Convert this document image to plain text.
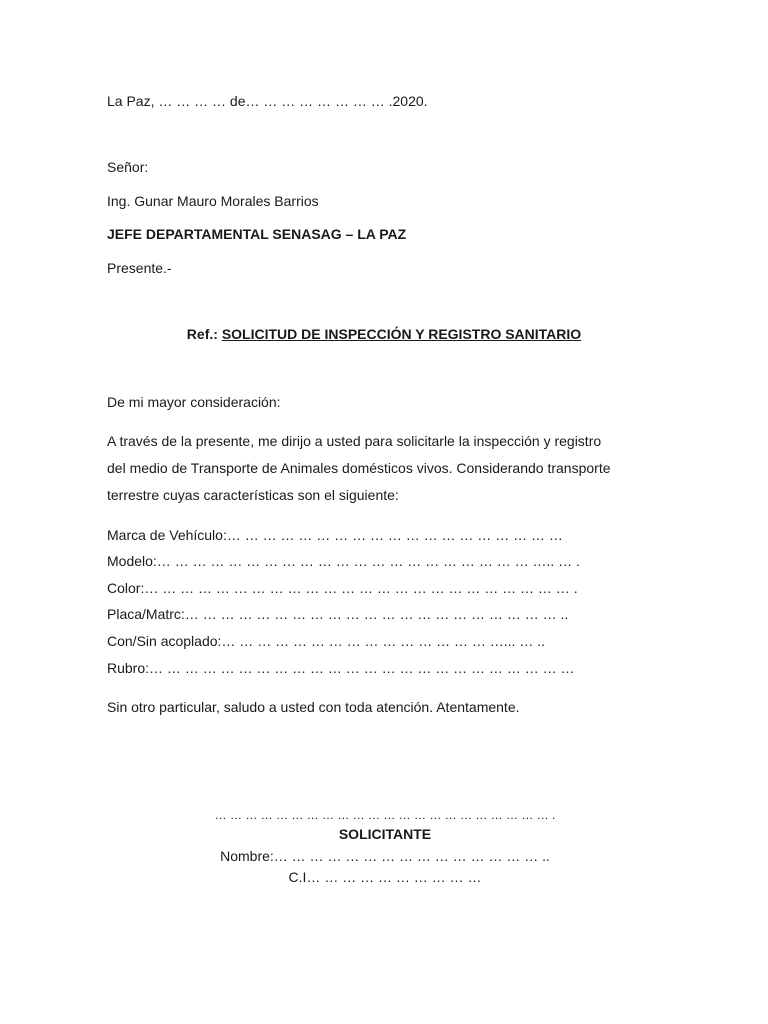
La Paz, … … … … de… … … … … … … … .2020.
Señor:
Ing. Gunar Mauro Morales Barrios
JEFE DEPARTAMENTAL SENASAG – LA PAZ
Presente.-
Ref.: SOLICITUD DE INSPECCIÓN Y REGISTRO SANITARIO
De mi mayor consideración:
A través de la presente, me dirijo a usted para solicitarle la inspección y registro
del medio de Transporte de Animales domésticos vivos. Considerando transporte
terrestre cuyas características son el siguiente:
Marca de Vehículo:… … … … … … … … … … … … … … … … … … …
Modelo:… … … … … … … … … … … … … … … … … … … … … ….. … .
Color:… … … … … … … … … … … … … … … … … … … … … … … … .
Placa/Matrc:… … … … … … … … … … … … … … … … … … … … … ..
Con/Sin acoplado:… … … … … … … … … … … … … … … …... … ..
Rubro:… … … … … … … … … … … … … … … … … … … … … … … …
Sin otro particular, saludo a usted con toda atención. Atentamente.
… … … … … … … … … … … … … … … … … … … … … … .
SOLICITANTE
Nombre:… … … … … … … … … … … … … … … ..
C.I… … … … … … … … … …
